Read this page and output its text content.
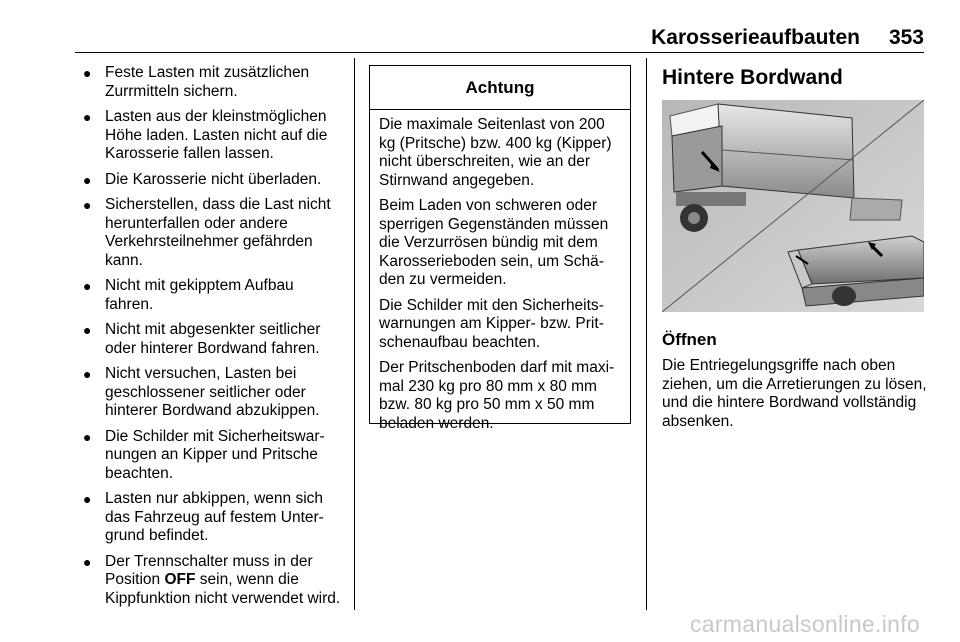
Karosserieaufbauten 353
● Feste Lasten mit zusätzlichen Zurrmitteln sichern.
● Lasten aus der kleinstmöglichen Höhe laden. Lasten nicht auf die Karosserie fallen lassen.
● Die Karosserie nicht überladen.
● Sicherstellen, dass die Last nicht herunterfallen oder andere Verkehrsteilnehmer gefährden kann.
● Nicht mit gekipptem Aufbau fahren.
● Nicht mit abgesenkter seitlicher oder hinterer Bordwand fahren.
● Nicht versuchen, Lasten bei geschlossener seitlicher oder hinterer Bordwand abzukippen.
● Die Schilder mit Sicherheitswarnungen an Kipper und Pritsche beachten.
● Lasten nur abkippen, wenn sich das Fahrzeug auf festem Untergrund befindet.
● Der Trennschalter muss in der Position OFF sein, wenn die Kippfunktion nicht verwendet wird.
Achtung

Die maximale Seitenlast von 200 kg (Pritsche) bzw. 400 kg (Kipper) nicht überschreiten, wie an der Stirnwand angegeben.

Beim Laden von schweren oder sperrigen Gegenständen müssen die Verzurrösen bündig mit dem Karosserieboden sein, um Schäden zu vermeiden.

Die Schilder mit den Sicherheitswarnungen am Kipper- bzw. Pritschenaufbau beachten.

Der Pritschenboden darf mit maximal 230 kg pro 80 mm x 80 mm bzw. 80 kg pro 50 mm x 50 mm beladen werden.

Hintere Bordwand
Öffnen
Die Entriegelungsgriffe nach oben ziehen, um die Arretierungen zu lösen, und die hintere Bordwand vollständig absenken.
carmanualsonline.info
